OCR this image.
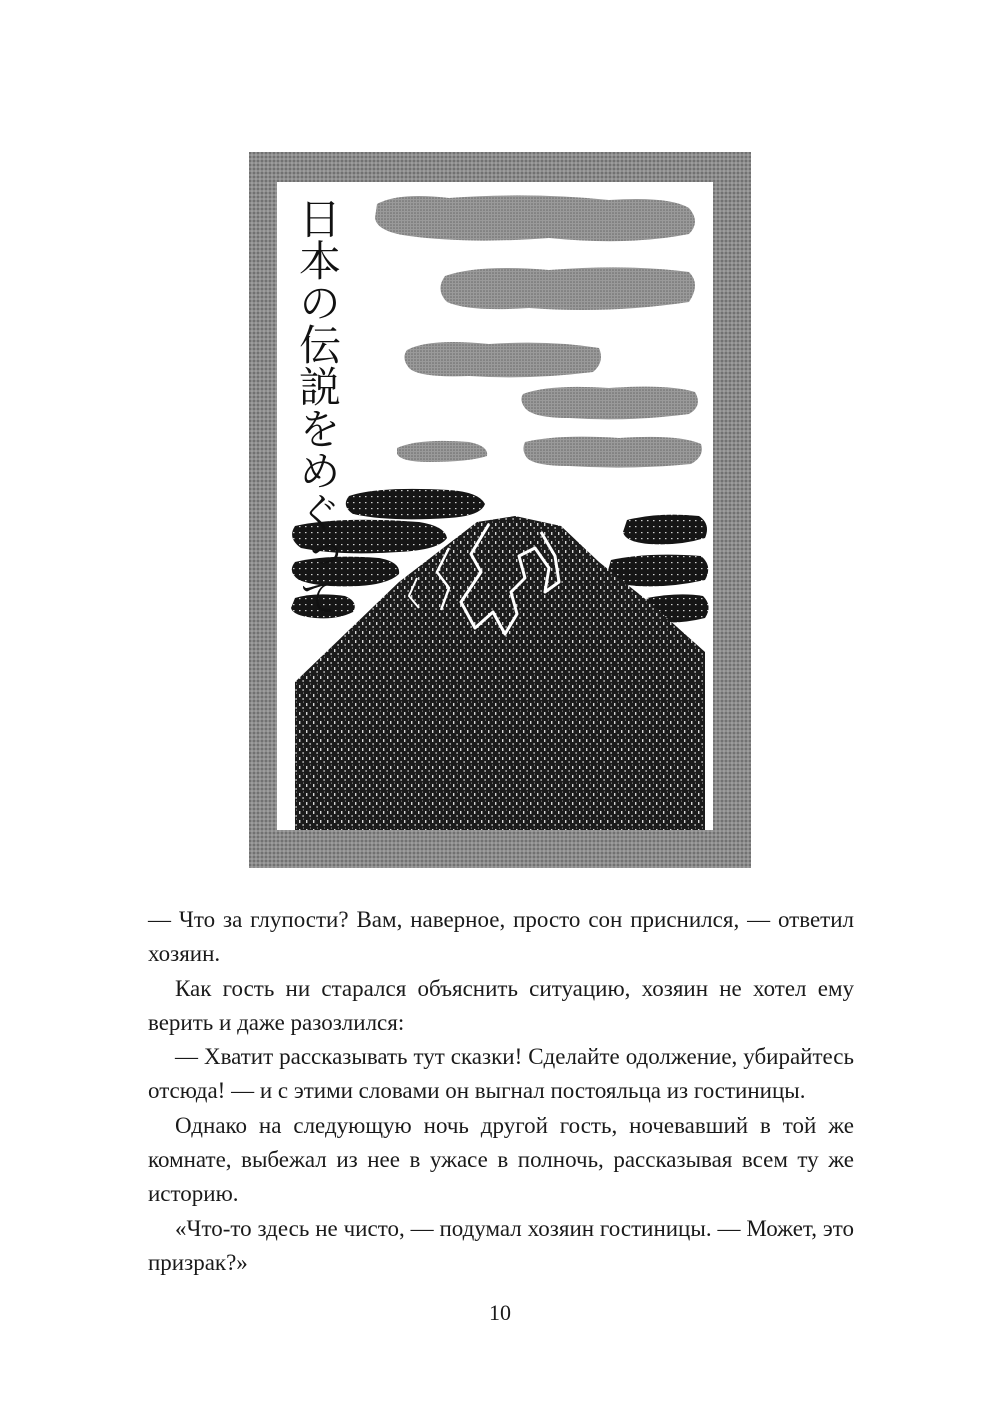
日本の伝説をめぐって

— Что за глупости? Вам, наверное, просто сон приснился, — ответил хозяин.

Как гость ни старался объяснить ситуацию, хозяин не хотел ему верить и даже разозлился:

— Хватит рассказывать тут сказки! Сделайте одолжение, убирайтесь отсюда! — и с этими словами он выгнал постояльца из гостиницы.

Однако на следующую ночь другой гость, ночевавший в той же комнате, выбежал из нее в ужасе в полночь, рассказывая всем ту же историю.

«Что-то здесь не чисто, — подумал хозяин гостиницы. — Может, это призрак?»

10
